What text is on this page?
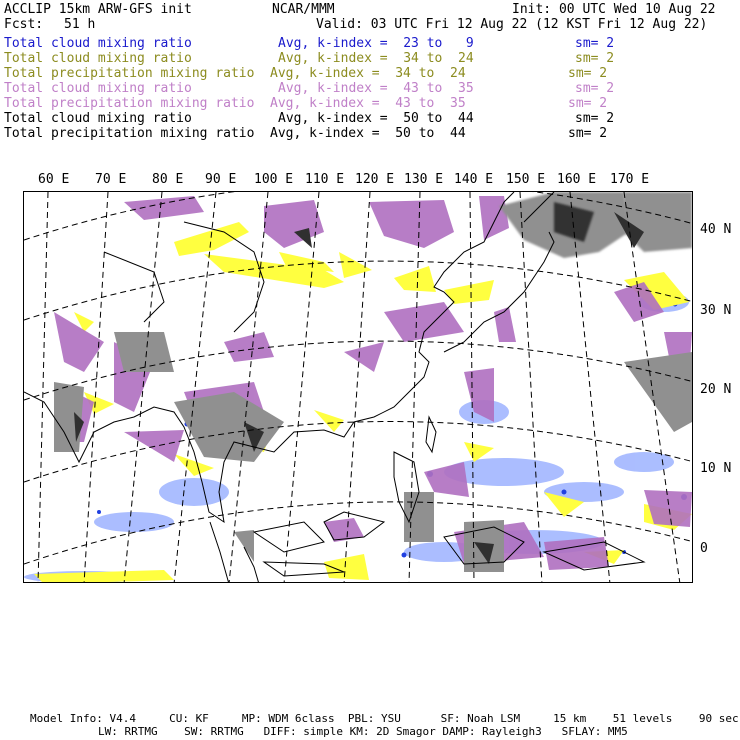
ACCLIP 15km ARW-GFS init	NCAR/MMM	Init: 00 UTC Wed 10 Aug 22
Fcst: 51 h	Valid: 03 UTC Fri 12 Aug 22 (12 KST Fri 12 Aug 22)
Total cloud mixing ratio	Avg, k-index =  23 to   9	sm= 2
Total cloud mixing ratio	Avg, k-index =  34 to  24	sm= 2
Total precipitation mixing ratio Avg, k-index =  34 to  24	sm= 2
Total cloud mixing ratio	Avg, k-index =  43 to  35	sm= 2
Total precipitation mixing ratio Avg, k-index =  43 to  35	sm= 2
Total cloud mixing ratio	Avg, k-index =  50 to  44	sm= 2
Total precipitation mixing ratio Avg, k-index =  50 to  44	sm= 2
60 E 70 E 80 E 90 E 100 E 110 E 120 E 130 E 140 E 150 E 160 E 170 E
40 N
30 N
20 N
10 N
0
Model Info: V4.4     CU: KF     MP: WDM 6class  PBL: YSU      SF: Noah LSM     15 km    51 levels    90 sec
LW: RRTMG    SW: RRTMG   DIFF: simple KM: 2D Smagor DAMP: Rayleigh3   SFLAY: MM5
